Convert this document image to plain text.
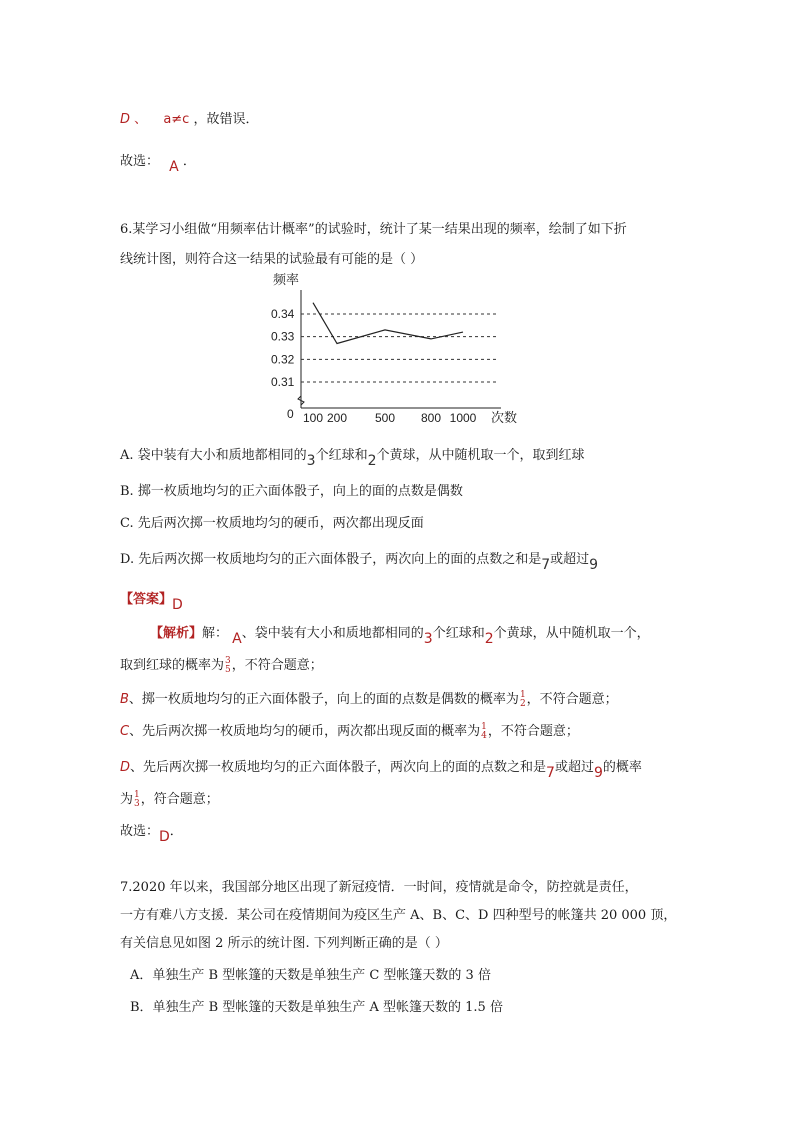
D 、 a≠c ，故错误．
故选： A ．
6.某学习小组做“用频率估计概率”的试验时，统计了某一结果出现的频率，绘制了如下折
线统计图，则符合这一结果的试验最有可能的是（ ）
频率
0.34
0.33
0.32
0.31
100 200 500 800 1000
0	次数
A. 袋中装有大小和质地都相同的3个红球和2个黄球，从中随机取一个，取到红球
B. 掷一枚质地均匀的正六面体骰子，向上的面的点数是偶数
C. 先后两次掷一枚质地均匀的硬币，两次都出现反面
D. 先后两次掷一枚质地均匀的正六面体骰子，两次向上的面的点数之和是7或超过9
【答案】D
【解析】解： A、袋中装有大小和质地都相同的3个红球和2个黄球，从中随机取一个，
取到红球的概率为 3
5 ，不符合题意；
B、掷一枚质地均匀的正六面体骰子，向上的面的点数是偶数的概率为 1
2 ，不符合题意；
C、先后两次掷一枚质地均匀的硬币，两次都出现反面的概率为 1
4 ，不符合题意；
D、先后两次掷一枚质地均匀的正六面体骰子，两次向上的面的点数之和是7或超过9的概率
为 1
3 ，符合题意；
故选：D．
7.2020 年以来，我国部分地区出现了新冠疫情．一时间，疫情就是命令，防控就是责任，
一方有难八方支援．某公司在疫情期间为疫区生产 A、B、C、D 四种型号的帐篷共 20 000 顶，
有关信息见如图 2 所示的统计图. 下列判断正确的是（ ）
A．单独生产 B 型帐篷的天数是单独生产 C 型帐篷天数的 3 倍
B．单独生产 B 型帐篷的天数是单独生产 A 型帐篷天数的 1.5 倍
